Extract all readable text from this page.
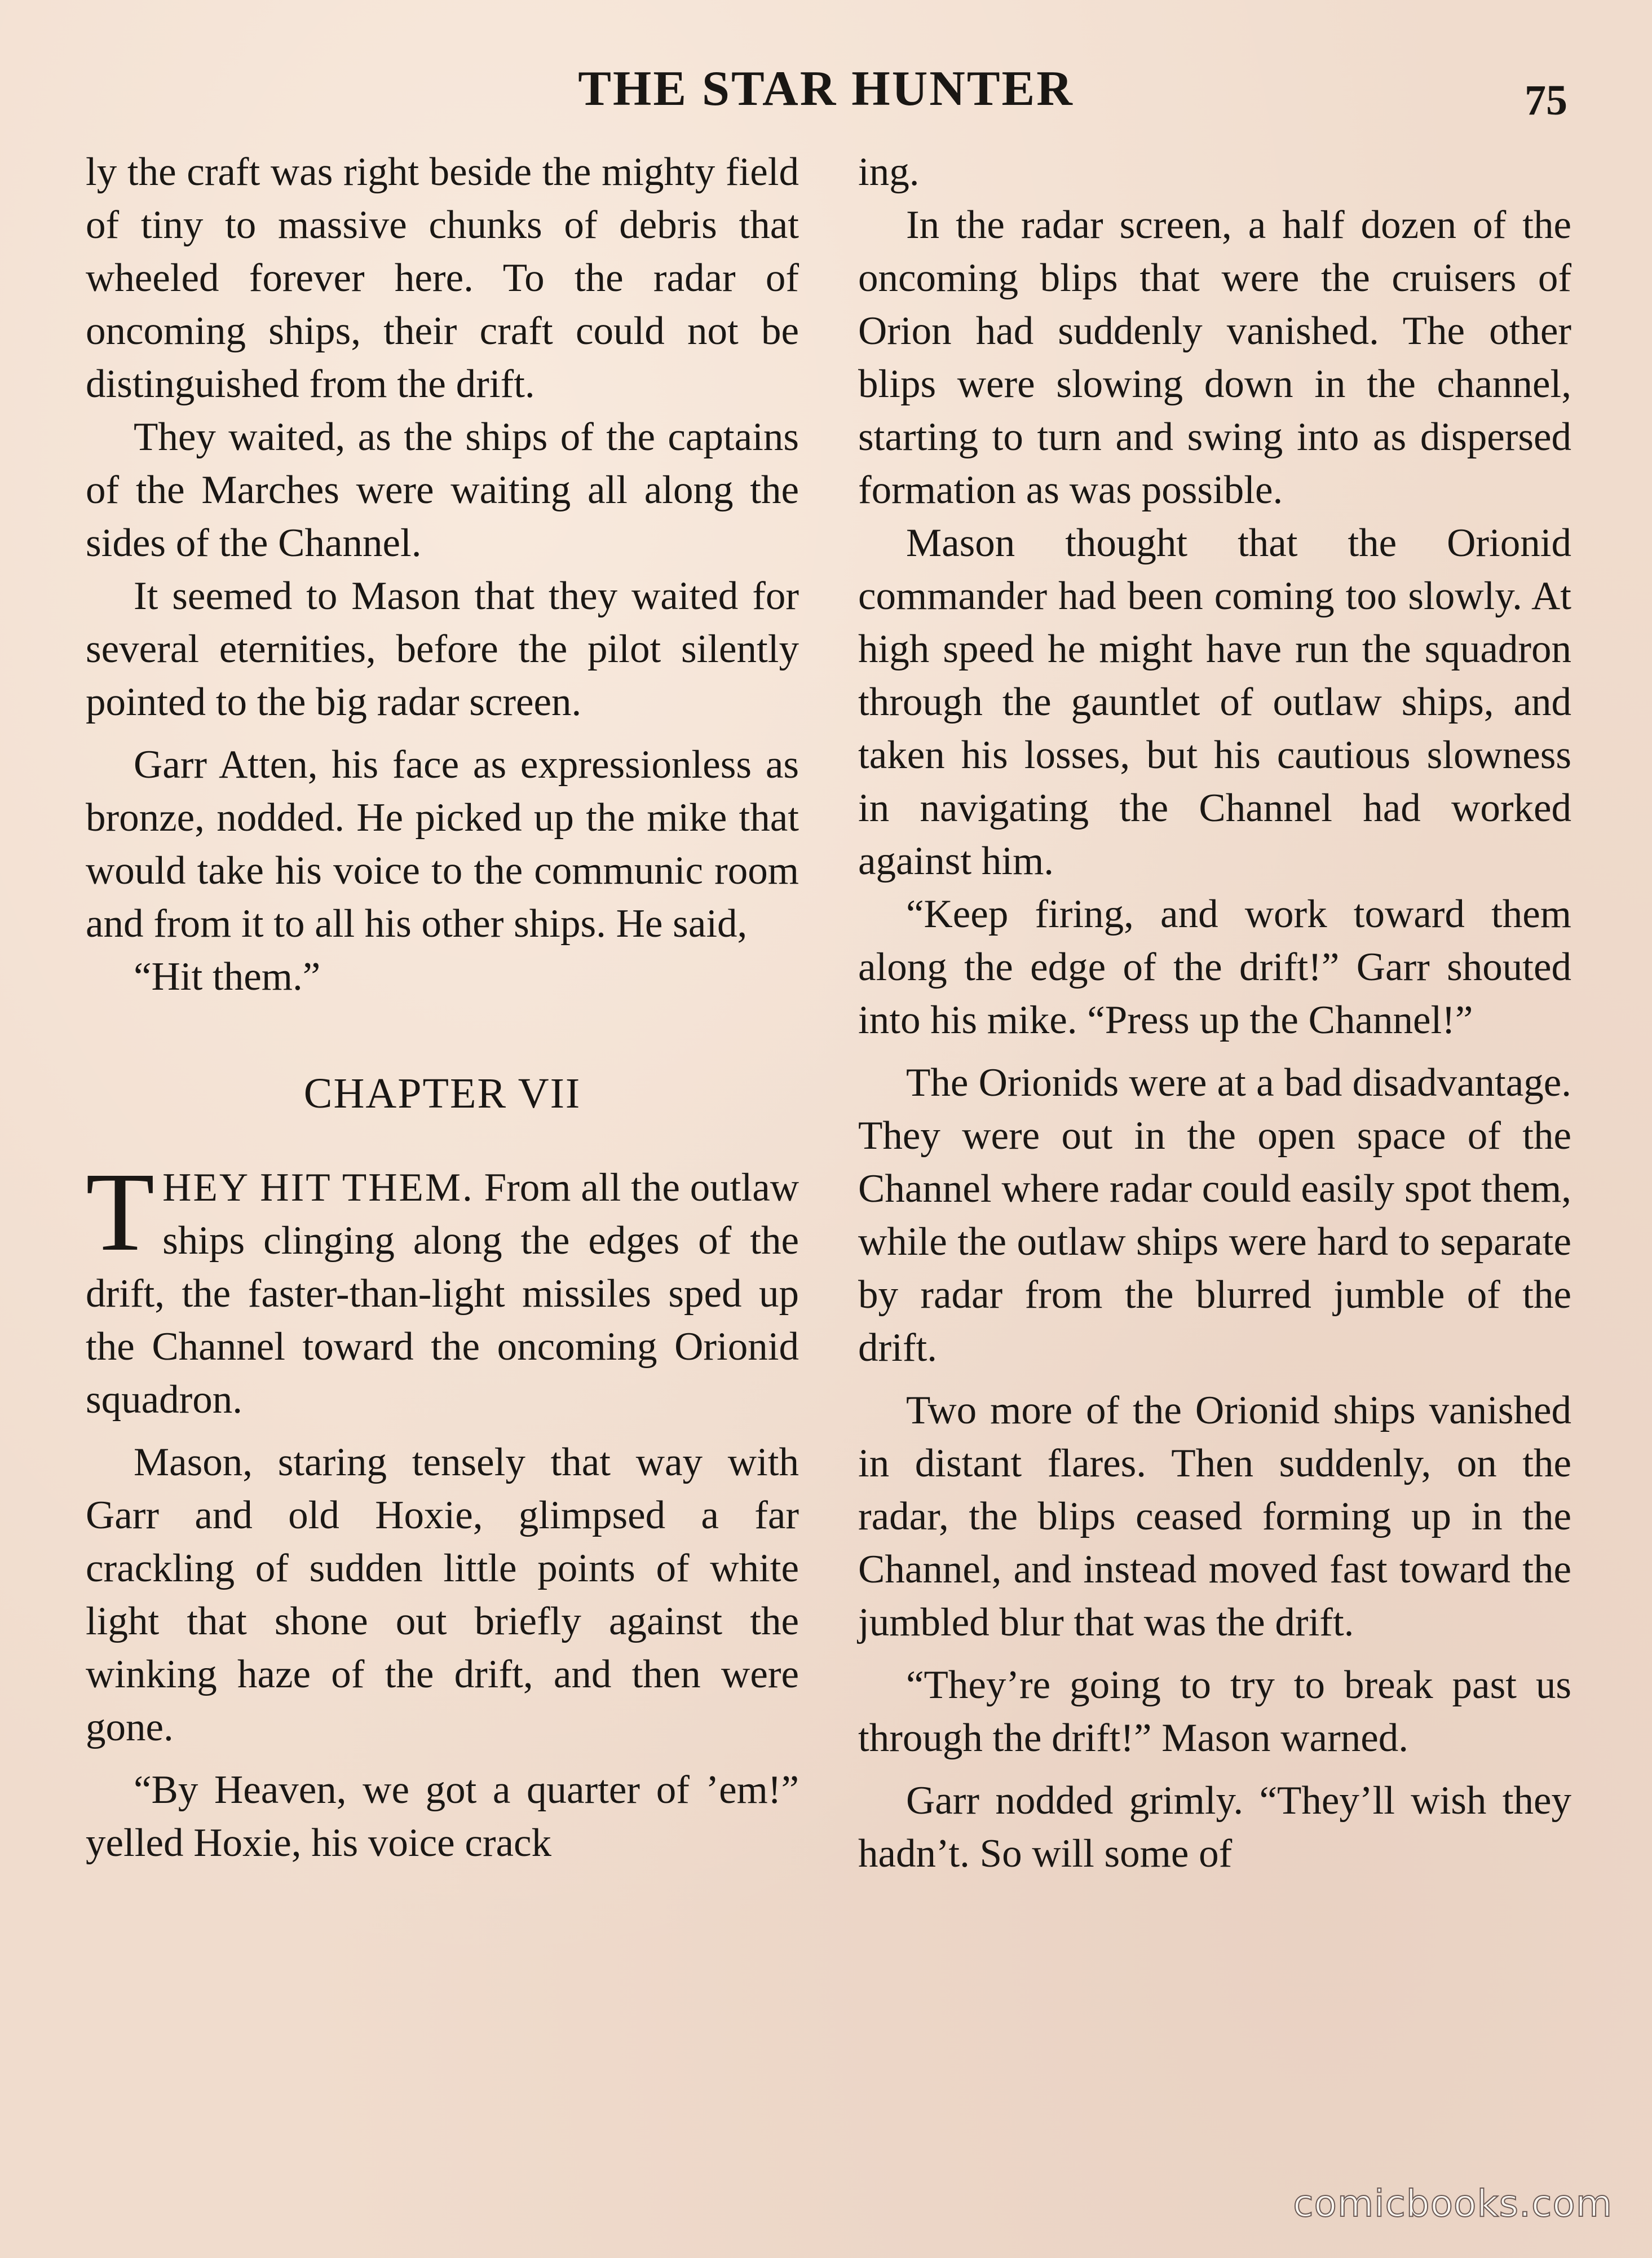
THE STAR HUNTER	75

ly the craft was right beside the mighty field of tiny to massive chunks of debris that wheeled forever here. To the radar of oncoming ships, their craft could not be distinguished from the drift.

They waited, as the ships of the captains of the Marches were waiting all along the sides of the Channel.

It seemed to Mason that they waited for several eternities, before the pilot silently pointed to the big radar screen.

Garr Atten, his face as expressionless as bronze, nodded. He picked up the mike that would take his voice to the communic room and from it to all his other ships. He said,

“Hit them.”

CHAPTER VII

THEY HIT THEM. From all the outlaw ships clinging along the edges of the drift, the faster-than-light missiles sped up the Channel toward the oncoming Orionid squadron.

Mason, staring tensely that way with Garr and old Hoxie, glimpsed a far crackling of sudden little points of white light that shone out briefly against the winking haze of the drift, and then were gone.

“By Heaven, we got a quarter of ’em!” yelled Hoxie, his voice crack

ing.

In the radar screen, a half dozen of the oncoming blips that were the cruisers of Orion had suddenly vanished. The other blips were slowing down in the channel, starting to turn and swing into as dispersed formation as was possible.

Mason thought that the Orionid commander had been coming too slowly. At high speed he might have run the squadron through the gauntlet of outlaw ships, and taken his losses, but his cautious slowness in navigating the Channel had worked against him.

“Keep firing, and work toward them along the edge of the drift!” Garr shouted into his mike. “Press up the Channel!”

The Orionids were at a bad disadvantage. They were out in the open space of the Channel where radar could easily spot them, while the outlaw ships were hard to separate by radar from the blurred jumble of the drift.

Two more of the Orionid ships vanished in distant flares. Then suddenly, on the radar, the blips ceased forming up in the Channel, and instead moved fast toward the jumbled blur that was the drift.

“They’re going to try to break past us through the drift!” Mason warned.

Garr nodded grimly. “They’ll wish they hadn’t. So will some of

comicbooks.com
